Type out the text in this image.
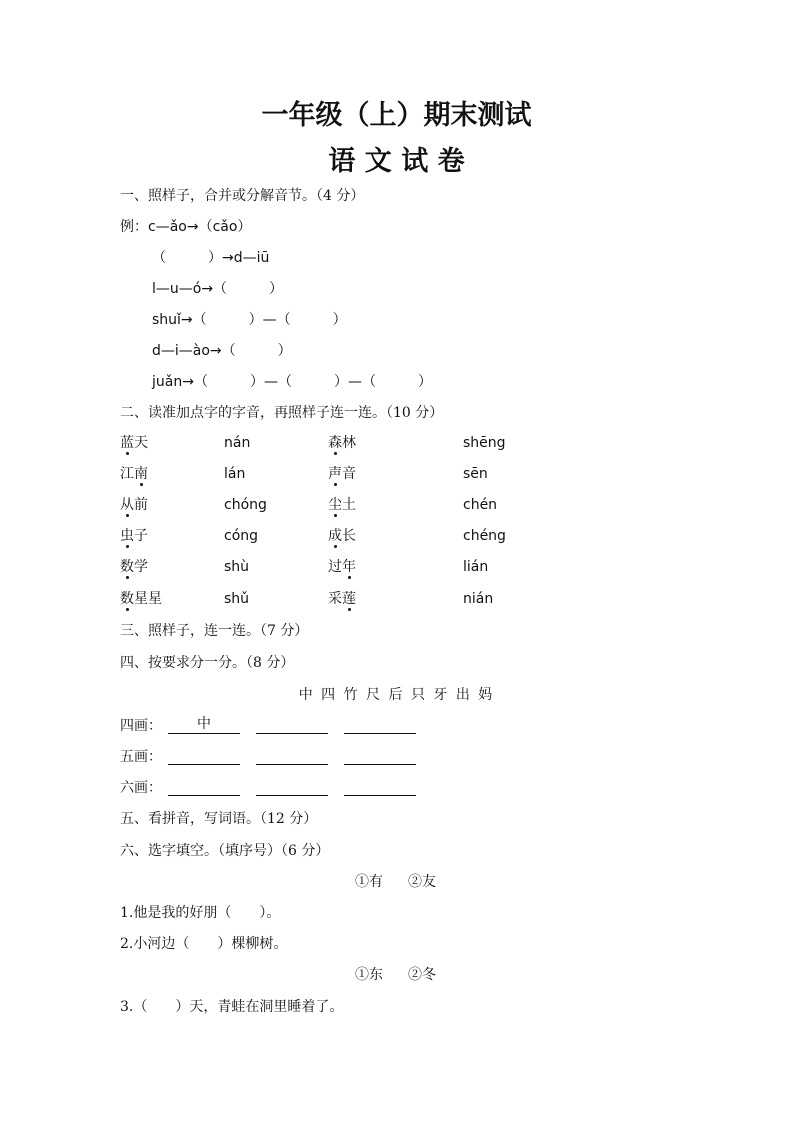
一年级（上）期末测试
语 文 试 卷
一、照样子，合并或分解音节。（4 分）
例：c—ǎo→（cǎo）
（　　　）→d—iū
l—u—ó→（　　　）
shuǐ→（　　　）—（　　　）
d—i—ào→（　　　）
juǎn→（　　　）—（　　　）—（　　　）
二、读准加点字的字音，再照样子连一连。（10 分）
蓝天	nán	森林	shēng
江南	lán	声音	sēn
从前	chóng	尘土	chén
虫子	cóng	成长	chéng
数学	shù	过年	lián
数星星	shǔ	采莲	nián
三、照样子，连一连。（7 分）
四、按要求分一分。（8 分）
中 四 竹 尺 后 只 牙 出 妈
四画：	中
五画：
六画：
五、看拼音，写词语。（12 分）
六、选字填空。（填序号）（6 分）
①有 ②友
1.他是我的好朋（　　）。
2.小河边（　　）棵柳树。
①东 ②冬
3.（　　）天，青蛙在洞里睡着了。
